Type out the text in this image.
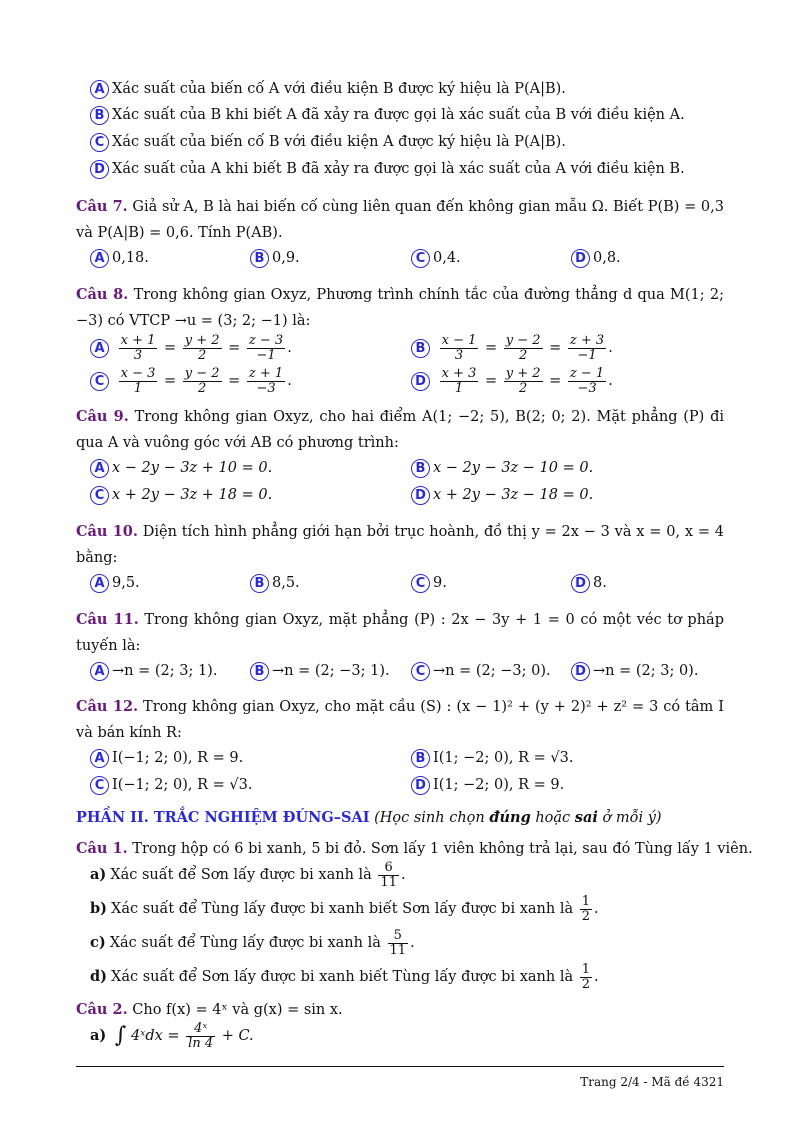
A Xác suất của biến cố A với điều kiện B được ký hiệu là P(A|B).
B Xác suất của B khi biết A đã xảy ra được gọi là xác suất của B với điều kiện A.
C Xác suất của biến cố B với điều kiện A được ký hiệu là P(A|B).
D Xác suất của A khi biết B đã xảy ra được gọi là xác suất của A với điều kiện B.
Câu 7. Giả sử A, B là hai biến cố cùng liên quan đến không gian mẫu Ω. Biết P(B) = 0,3 và P(A|B) = 0,6. Tính P(AB).
A 0,18.	B 0,9.	C 0,4.	D 0,8.
Câu 8. Trong không gian Oxyz, Phương trình chính tắc của đường thẳng d qua M(1; 2; −3) có VTCP →u = (3; 2; −1) là:
A $\frac{x + 1}{3} = \frac{y + 2}{2} = \frac{z - 3}{-1}$ .	B $\frac{x - 1}{3} = \frac{y - 2}{2} = \frac{z + 3}{-1}$ .
C $\frac{x - 3}{1} = \frac{y - 2}{2} = \frac{z + 1}{-3}$ .	D $\frac{x + 3}{1} = \frac{y + 2}{2} = \frac{z - 1}{-3}$ .
Câu 9. Trong không gian Oxyz, cho hai điểm A(1; −2; 5), B(2; 0; 2). Mặt phẳng (P) đi qua A và vuông góc với AB có phương trình:
A x − 2y − 3z + 10 = 0.	B x − 2y − 3z − 10 = 0.
C x + 2y − 3z + 18 = 0.	D x + 2y − 3z − 18 = 0.
Câu 10. Diện tích hình phẳng giới hạn bởi trục hoành, đồ thị y = 2x − 3 và x = 0, x = 4 bằng:
A 9,5.	B 8,5.	C 9.	D 8.
Câu 11. Trong không gian Oxyz, mặt phẳng (P) : 2x − 3y + 1 = 0 có một véc tơ pháp tuyến là:
A →n = (2; 3; 1).	B →n = (2; −3; 1).	C →n = (2; −3; 0).	D →n = (2; 3; 0).
Câu 12. Trong không gian Oxyz, cho mặt cầu (S) : (x − 1)² + (y + 2)² + z² = 3 có tâm I và bán kính R:
A I(−1; 2; 0), R = 9.	B I(1; −2; 0), R = √3.
C I(−1; 2; 0), R = √3.	D I(1; −2; 0), R = 9.
PHẦN II. TRẮC NGHIỆM ĐÚNG–SAI (Học sinh chọn đúng hoặc sai ở mỗi ý)
Câu 1. Trong hộp có 6 bi xanh, 5 bi đỏ. Sơn lấy 1 viên không trả lại, sau đó Tùng lấy 1 viên.
a) Xác suất để Sơn lấy được bi xanh là $\frac{6}{11}$ .
b) Xác suất để Tùng lấy được bi xanh biết Sơn lấy được bi xanh là $\frac{1}{2}$ .
c) Xác suất để Tùng lấy được bi xanh là $\frac{5}{11}$ .
d) Xác suất để Sơn lấy được bi xanh biết Tùng lấy được bi xanh là $\frac{1}{2}$ .
Câu 2. Cho f(x) = 4ˣ và g(x) = sin x.
a) ∫ 4ˣdx = $\frac{\text{4ˣ}}{\ln 4} + C$.
Trang 2/4 - Mã đề 4321
